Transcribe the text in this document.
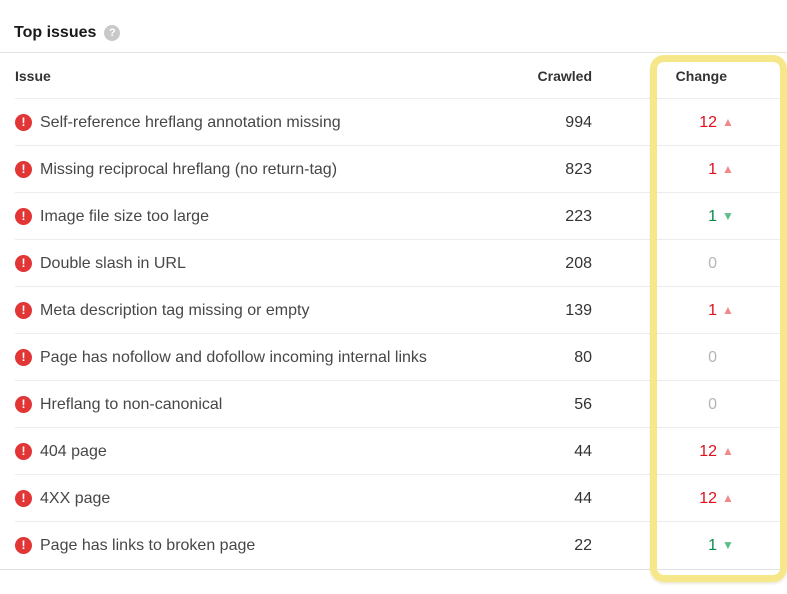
Top issues	?
Issue	Crawled	Change
! Self-reference hreflang annotation missing	994	12 ▲
! Missing reciprocal hreflang (no return-tag)	823	1 ▲
! Image file size too large	223	1 ▼
! Double slash in URL	208	0
! Meta description tag missing or empty	139	1 ▲
! Page has nofollow and dofollow incoming internal links	80	0
! Hreflang to non-canonical	56	0
! 404 page	44	12 ▲
! 4XX page	44	12 ▲
! Page has links to broken page	22	1 ▼
